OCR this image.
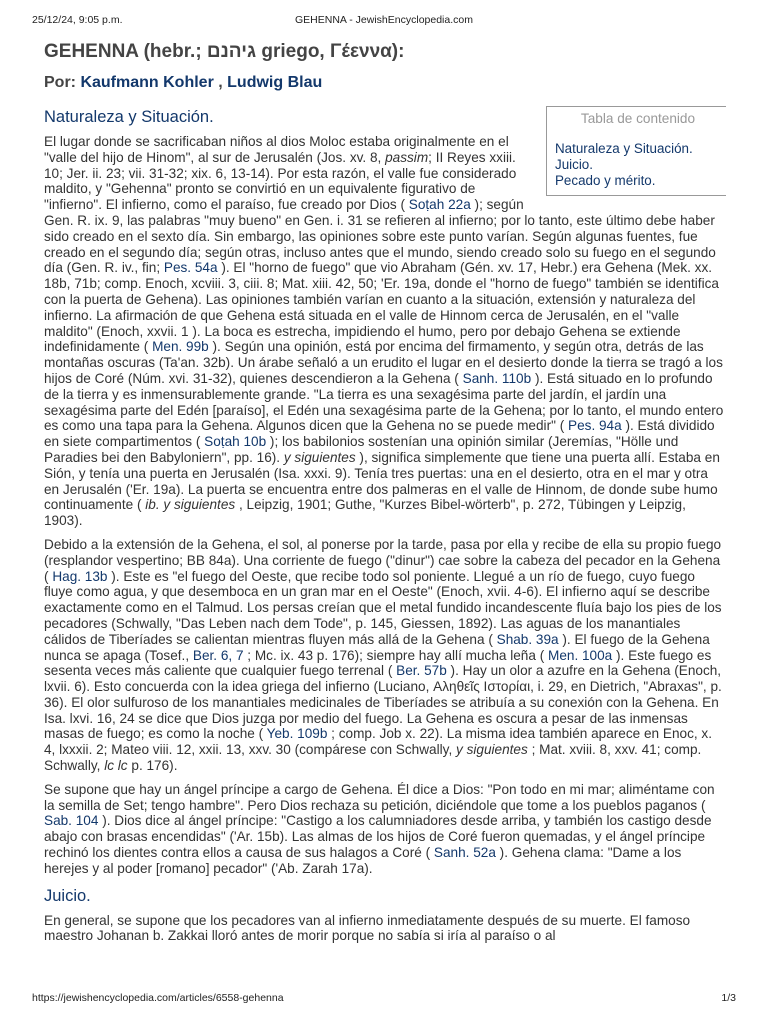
25/12/24, 9:05 p.m.	GEHENNA - JewishEncyclopedia.com
GEHENNA (hebr.; גיהנם griego, Γέεννα):
Por: Kaufmann Kohler , Ludwig Blau
Tabla de contenido
Naturaleza y Situación.
Juicio.
Pecado y mérito.
Naturaleza y Situación.

El lugar donde se sacrificaban niños al dios Moloc estaba originalmente en el "valle del hijo de Hinom", al sur de Jerusalén (Jos. xv. 8, passim; II Reyes xxiii. 10; Jer. ii. 23; vii. 31-32; xix. 6, 13-14). Por esta razón, el valle fue considerado maldito, y "Gehenna" pronto se convirtió en un equivalente figurativo de "infierno". El infierno, como el paraíso, fue creado por Dios ( Soṭah 22a ); según Gen. R. ix. 9, las palabras "muy bueno" en Gen. i. 31 se refieren al infierno; por lo tanto, este último debe haber sido creado en el sexto día. Sin embargo, las opiniones sobre este punto varían. Según algunas fuentes, fue creado en el segundo día; según otras, incluso antes que el mundo, siendo creado solo su fuego en el segundo día (Gen. R. iv., fin; Pes. 54a ). El "horno de fuego" que vio Abraham (Gén. xv. 17, Hebr.) era Gehena (Mek. xx. 18b, 71b; comp. Enoch, xcviii. 3, ciii. 8; Mat. xiii. 42, 50; 'Er. 19a, donde el "horno de fuego" también se identifica con la puerta de Gehena). Las opiniones también varían en cuanto a la situación, extensión y naturaleza del infierno. La afirmación de que Gehena está situada en el valle de Hinnom cerca de Jerusalén, en el "valle maldito" (Enoch, xxvii. 1 ). La boca es estrecha, impidiendo el humo, pero por debajo Gehena se extiende indefinidamente ( Men. 99b ). Según una opinión, está por encima del firmamento, y según otra, detrás de las montañas oscuras (Ta'an. 32b). Un árabe señaló a un erudito el lugar en el desierto donde la tierra se tragó a los hijos de Coré (Núm. xvi. 31-32), quienes descendieron a la Gehena ( Sanh. 110b ). Está situado en lo profundo de la tierra y es inmensurablemente grande. "La tierra es una sexagésima parte del jardín, el jardín una sexagésima parte del Edén [paraíso], el Edén una sexagésima parte de la Gehena; por lo tanto, el mundo entero es como una tapa para la Gehena. Algunos dicen que la Gehena no se puede medir" ( Pes. 94a ). Está dividido en siete compartimentos ( Soṭah 10b ); los babilonios sostenían una opinión similar (Jeremías, "Hölle und Paradies bei den Babyloniern", pp. 16). y siguientes ), significa simplemente que tiene una puerta allí. Estaba en Sión, y tenía una puerta en Jerusalén (Isa. xxxi. 9). Tenía tres puertas: una en el desierto, otra en el mar y otra en Jerusalén ('Er. 19a). La puerta se encuentra entre dos palmeras en el valle de Hinnom, de donde sube humo continuamente ( ib. y siguientes , Leipzig, 1901; Guthe, "Kurzes Bibel-wörterb", p. 272, Tübingen y Leipzig, 1903).

Debido a la extensión de la Gehena, el sol, al ponerse por la tarde, pasa por ella y recibe de ella su propio fuego (resplandor vespertino; BB 84a). Una corriente de fuego ("dinur") cae sobre la cabeza del pecador en la Gehena ( Hag. 13b ). Este es "el fuego del Oeste, que recibe todo sol poniente. Llegué a un río de fuego, cuyo fuego fluye como agua, y que desemboca en un gran mar en el Oeste" (Enoch, xvii. 4-6). El infierno aquí se describe exactamente como en el Talmud. Los persas creían que el metal fundido incandescente fluía bajo los pies de los pecadores (Schwally, "Das Leben nach dem Tode", p. 145, Giessen, 1892). Las aguas de los manantiales cálidos de Tiberíades se calientan mientras fluyen más allá de la Gehena ( Shab. 39a ). El fuego de la Gehena nunca se apaga (Tosef., Ber. 6, 7 ; Mc. ix. 43 p. 176); siempre hay allí mucha leña ( Men. 100a ). Este fuego es sesenta veces más caliente que cualquier fuego terrenal ( Ber. 57b ). Hay un olor a azufre en la Gehena (Enoch, lxvii. 6). Esto concuerda con la idea griega del infierno (Luciano, Αληθεῖς Ιστορίαι, i. 29, en Dietrich, "Abraxas", p. 36). El olor sulfuroso de los manantiales medicinales de Tiberíades se atribuía a su conexión con la Gehena. En Isa. lxvi. 16, 24 se dice que Dios juzga por medio del fuego. La Gehena es oscura a pesar de las inmensas masas de fuego; es como la noche ( Yeb. 109b ; comp. Job x. 22). La misma idea también aparece en Enoc, x. 4, lxxxii. 2; Mateo viii. 12, xxii. 13, xxv. 30 (compárese con Schwally, y siguientes ; Mat. xviii. 8, xxv. 41; comp. Schwally, lc lc p. 176).

Se supone que hay un ángel príncipe a cargo de Gehena. Él dice a Dios: "Pon todo en mi mar; aliméntame con la semilla de Set; tengo hambre". Pero Dios rechaza su petición, diciéndole que tome a los pueblos paganos ( Sab. 104 ). Dios dice al ángel príncipe: "Castigo a los calumniadores desde arriba, y también los castigo desde abajo con brasas encendidas" ('Ar. 15b). Las almas de los hijos de Coré fueron quemadas, y el ángel príncipe rechinó los dientes contra ellos a causa de sus halagos a Coré ( Sanh. 52a ). Gehena clama: "Dame a los herejes y al poder [romano] pecador" ('Ab. Zarah 17a).

Juicio.

En general, se supone que los pecadores van al infierno inmediatamente después de su muerte. El famoso maestro Johanan b. Zakkai lloró antes de morir porque no sabía si iría al paraíso o al

https://jewishencyclopedia.com/articles/6558-gehenna	1/3
